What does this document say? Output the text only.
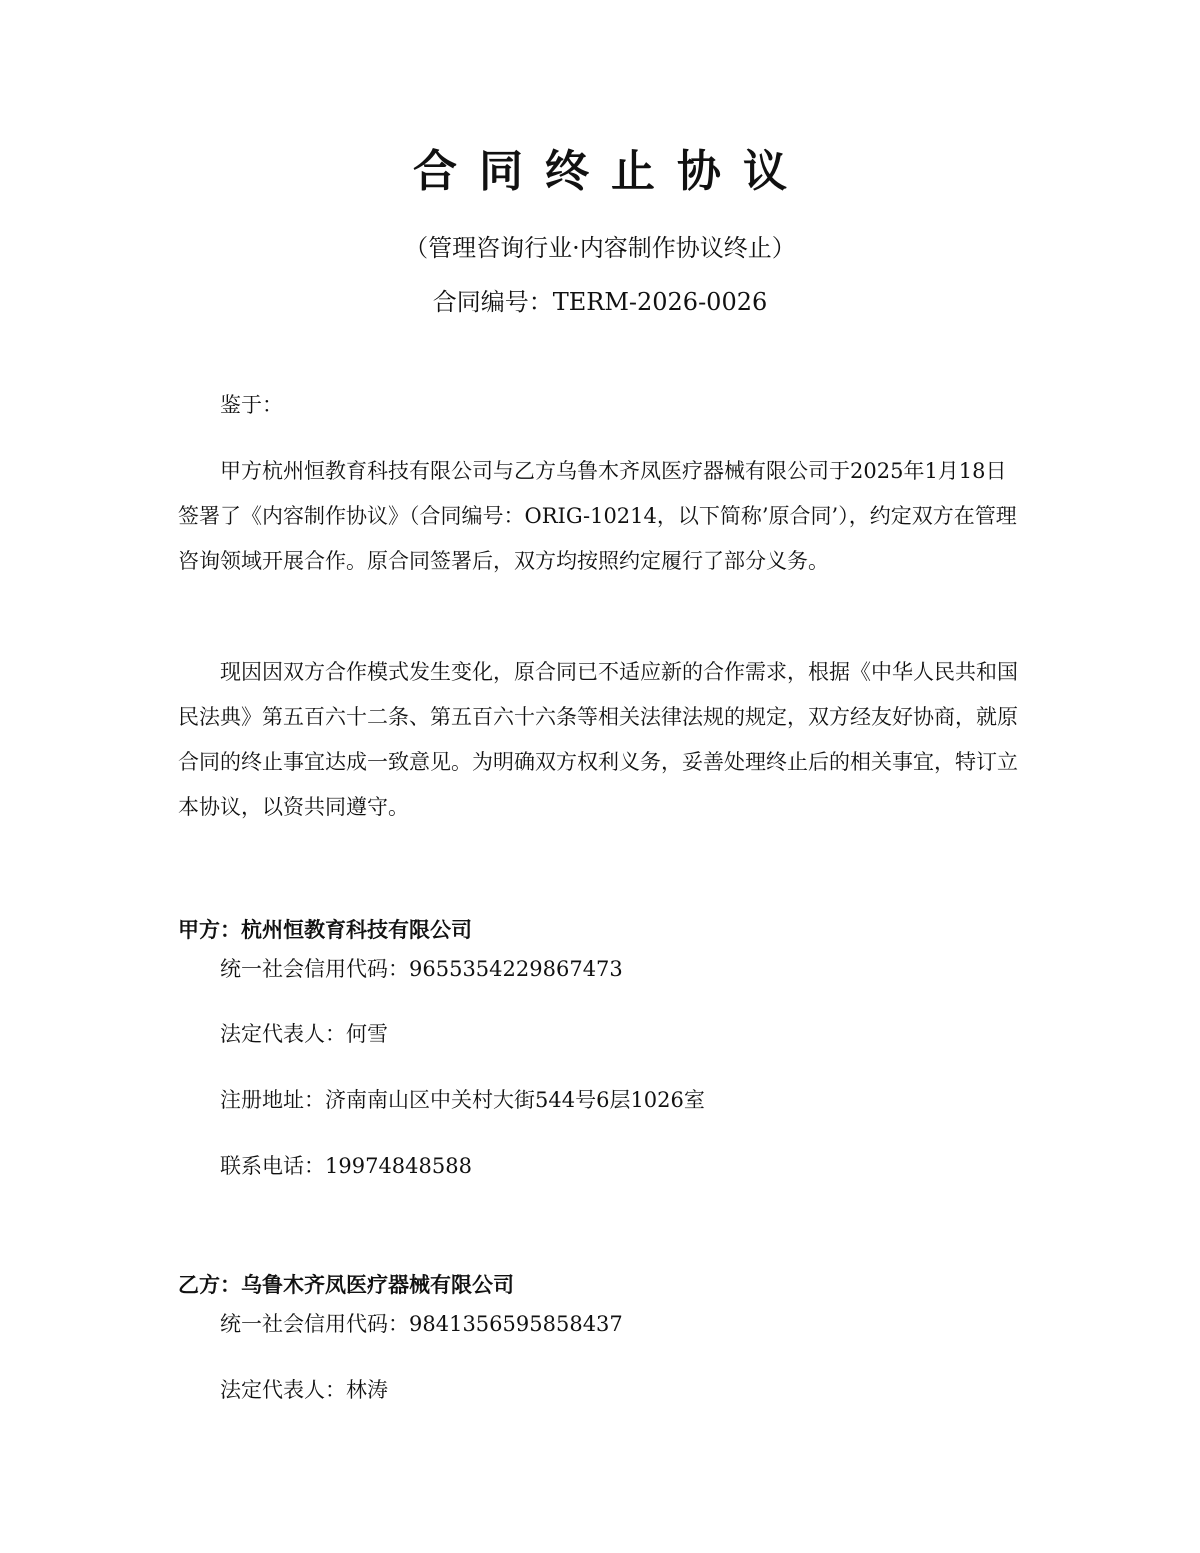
合同终止协议
（管理咨询行业·内容制作协议终止）
合同编号：TERM-2026-0026

鉴于：

甲方杭州恒教育科技有限公司与乙方乌鲁木齐凤医疗器械有限公司于2025年1月18日签署了《内容制作协议》（合同编号：ORIG-10214，以下简称’原合同’），约定双方在管理咨询领域开展合作。原合同签署后，双方均按照约定履行了部分义务。

现因因双方合作模式发生变化，原合同已不适应新的合作需求，根据《中华人民共和国民法典》第五百六十二条、第五百六十六条等相关法律法规的规定，双方经友好协商，就原合同的终止事宜达成一致意见。为明确双方权利义务，妥善处理终止后的相关事宜，特订立本协议，以资共同遵守。

甲方：杭州恒教育科技有限公司
统一社会信用代码：9655354229867473
法定代表人：何雪
注册地址：济南南山区中关村大街544号6层1026室
联系电话：19974848588
乙方：乌鲁木齐凤医疗器械有限公司
统一社会信用代码：9841356595858437
法定代表人：林涛
